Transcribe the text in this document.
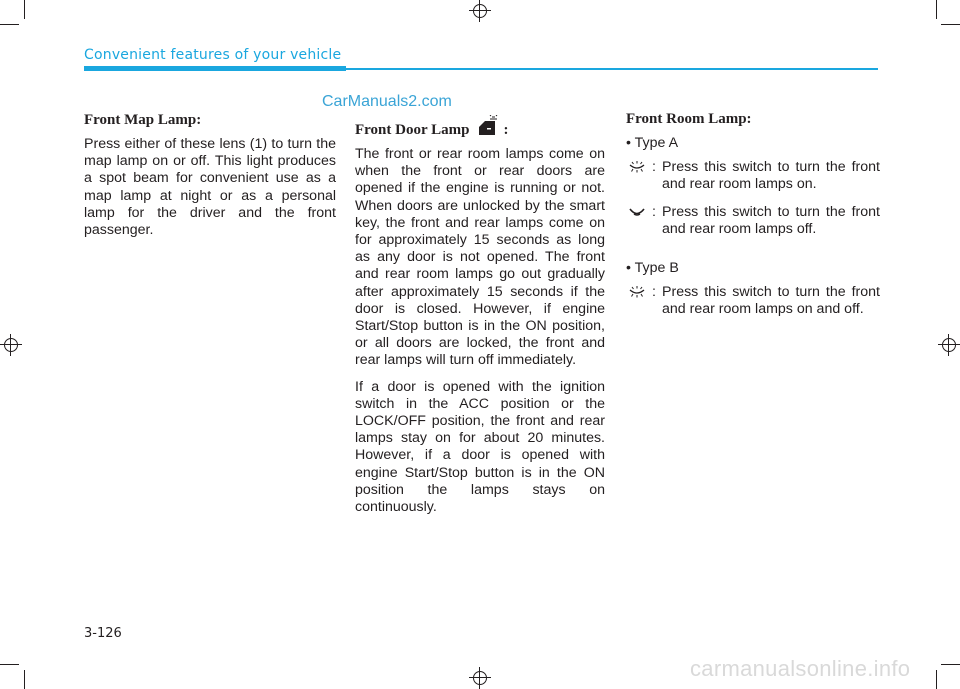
Convenient features of your vehicle
CarManuals2.com
Front Map Lamp:

Press either of these lens (1) to turn the map lamp on or off. This light produces a spot beam for convenient use as a map lamp at night or as a personal lamp for the driver and the front passenger.

Front Door Lamp :

The front or rear room lamps come on when the front or rear doors are opened if the engine is running or not. When doors are unlocked by the smart key, the front and rear lamps come on for approximately 15 seconds as long as any door is not opened. The front and rear room lamps go out gradually after approximately 15 seconds if the door is closed. However, if engine Start/Stop button is in the ON position, or all doors are locked, the front and rear lamps will turn off immediately.

If a door is opened with the ignition switch in the ACC position or the LOCK/OFF position, the front and rear lamps stay on for about 20 minutes. However, if a door is opened with engine Start/Stop button is in the ON position the lamps stays on continuously.

Front Room Lamp:
• Type A
: Press this switch to turn the front and rear room lamps on.
: Press this switch to turn the front and rear room lamps off.
• Type B
: Press this switch to turn the front and rear room lamps on and off.
3-126
carmanualsonline.info
